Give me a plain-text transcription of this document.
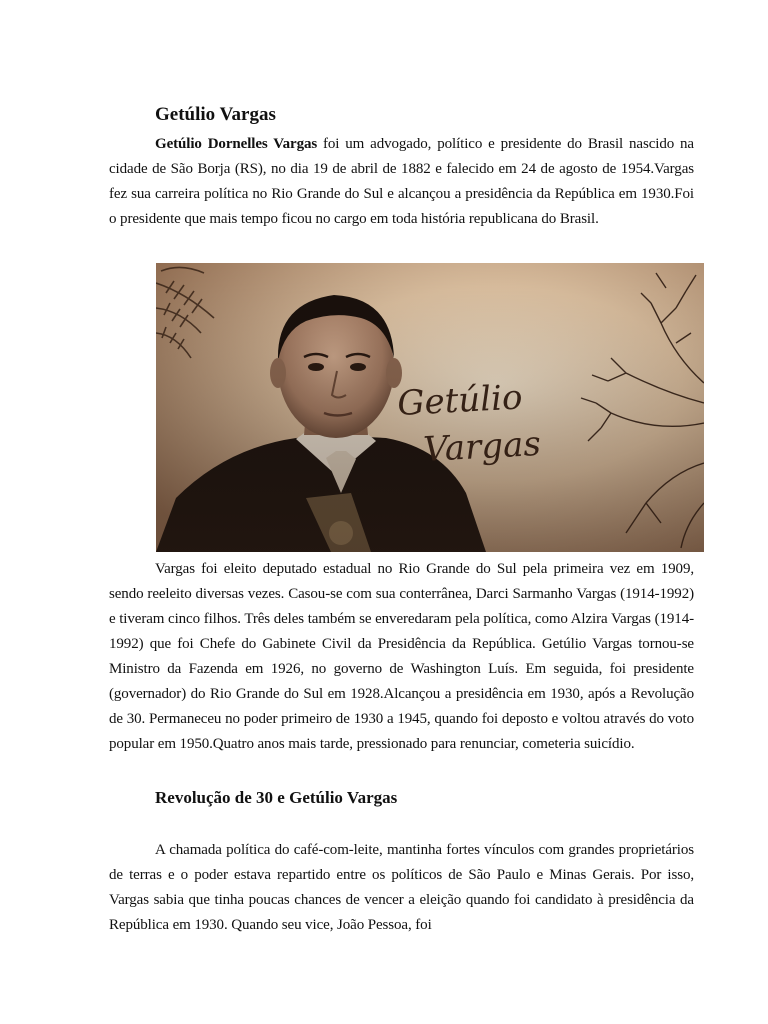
Getúlio Vargas

Getúlio Dornelles Vargas foi um advogado, político e presidente do Brasil nascido na cidade de São Borja (RS), no dia 19 de abril de 1882 e falecido em 24 de agosto de 1954.Vargas fez sua carreira política no Rio Grande do Sul e alcançou a presidência da República em 1930.Foi o presidente que mais tempo ficou no cargo em toda história republicana do Brasil.

Vargas foi eleito deputado estadual no Rio Grande do Sul pela primeira vez em 1909, sendo reeleito diversas vezes. Casou-se com sua conterrânea, Darci Sarmanho Vargas (1914-1992) e tiveram cinco filhos. Três deles também se enveredaram pela política, como Alzira Vargas (1914-1992) que foi Chefe do Gabinete Civil da Presidência da República. Getúlio Vargas tornou-se Ministro da Fazenda em 1926, no governo de Washington Luís. Em seguida, foi presidente (governador) do Rio Grande do Sul em 1928.Alcançou a presidência em 1930, após a Revolução de 30. Permaneceu no poder primeiro de 1930 a 1945, quando foi deposto e voltou através do voto popular em 1950.Quatro anos mais tarde, pressionado para renunciar, cometeria suicídio.

Revolução de 30 e Getúlio Vargas

A chamada política do café-com-leite, mantinha fortes vínculos com grandes proprietários de terras e o poder estava repartido entre os políticos de São Paulo e Minas Gerais. Por isso, Vargas sabia que tinha poucas chances de vencer a eleição quando foi candidato à presidência da República em 1930. Quando seu vice, João Pessoa, foi
